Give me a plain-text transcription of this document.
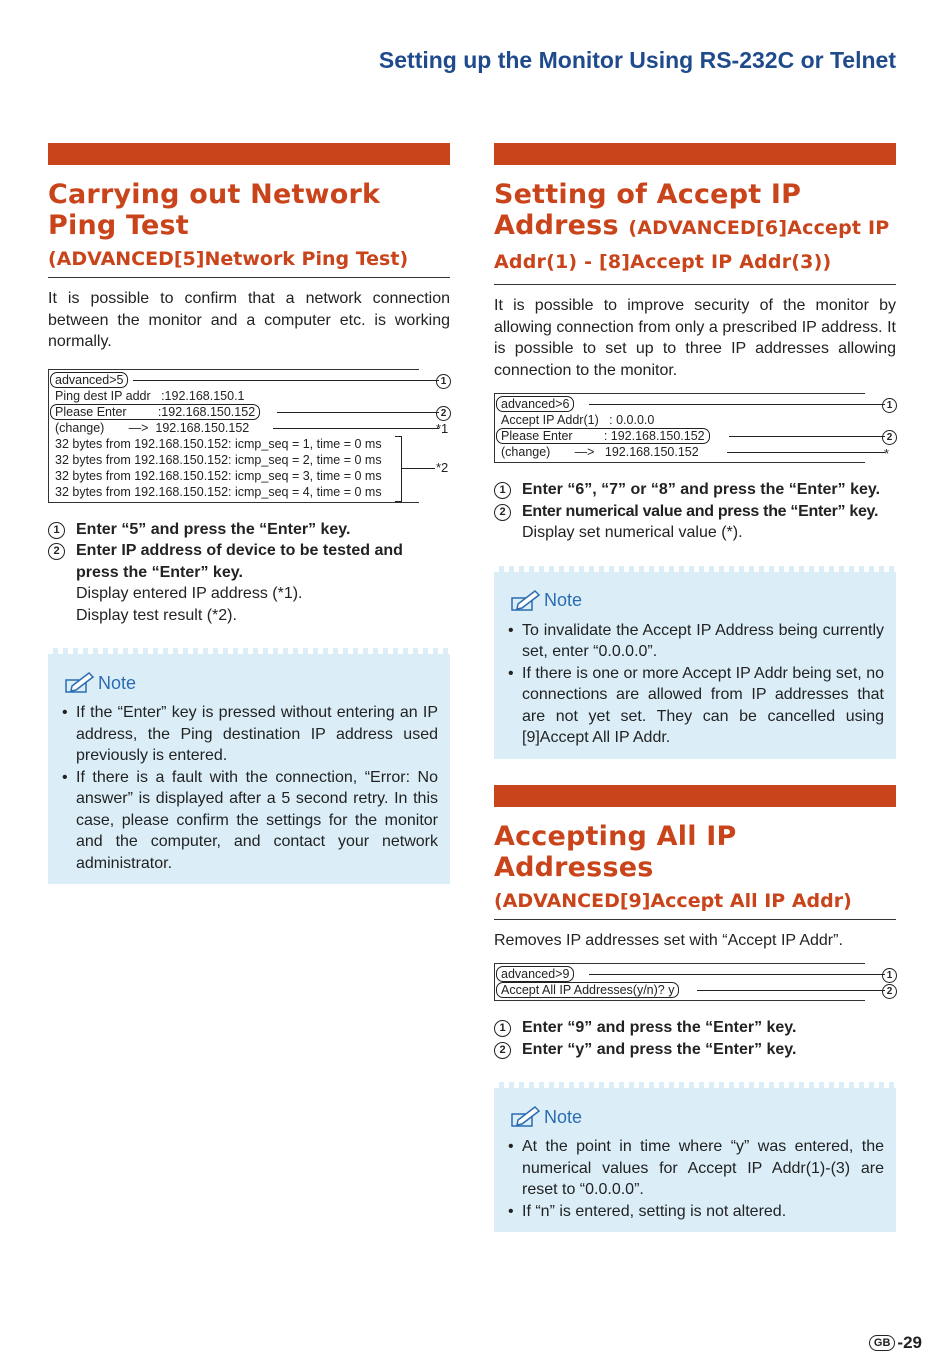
Setting up the Monitor Using RS-232C or Telnet
Carrying out Network Ping Test
(ADVANCED[5]Network Ping Test)
It is possible to confirm that a network connection between the monitor and a computer etc. is working normally.
advanced>5
Ping dest IP addr   :192.168.150.1
Please Enter         :192.168.150.152
(change)       —>  192.168.150.152
32 bytes from 192.168.150.152: icmp_seq = 1, time = 0 ms
32 bytes from 192.168.150.152: icmp_seq = 2, time = 0 ms
32 bytes from 192.168.150.152: icmp_seq = 3, time = 0 ms
32 bytes from 192.168.150.152: icmp_seq = 4, time = 0 ms
1
2
*1
*2
1	Enter “5” and press the “Enter” key.
2	Enter IP address of device to be tested and press the “Enter” key.
Display entered IP address (*1).
Display test result (*2).
Note
• If the “Enter” key is pressed without entering an IP address, the Ping destination IP address used previously is entered.
• If there is a fault with the connection, “Error: No answer” is displayed after a 5 second retry. In this case, please confirm the settings for the monitor and the computer, and contact your network administrator.
Setting of Accept IP Address (ADVANCED[6]Accept IP Addr(1) - [8]Accept IP Addr(3))
It is possible to improve security of the monitor by allowing connection from only a prescribed IP address. It is possible to set up to three IP addresses allowing connection to the monitor.
advanced>6
Accept IP Addr(1)   : 0.0.0.0
Please Enter         : 192.168.150.152
(change)       —>   192.168.150.152
1
2
*
1	Enter “6”, “7” or “8” and press the “Enter” key.
2	Enter numerical value and press the “Enter” key.
Display set numerical value (*).
Note
• To invalidate the Accept IP Address being currently set, enter “0.0.0.0”.
• If there is one or more Accept IP Addr being set, no connections are allowed from IP addresses that are not yet set. They can be cancelled using [9]Accept All IP Addr.
Accepting All IP Addresses
(ADVANCED[9]Accept All IP Addr)
Removes IP addresses set with “Accept IP Addr”.
advanced>9
Accept All IP Addresses(y/n)? y
1
2
1	Enter “9” and press the “Enter” key.
2	Enter “y” and press the “Enter” key.
Note
• At the point in time where “y” was entered, the numerical values for Accept IP Addr(1)-(3) are reset to “0.0.0.0”.
• If “n” is entered, setting is not altered.
GB -29
